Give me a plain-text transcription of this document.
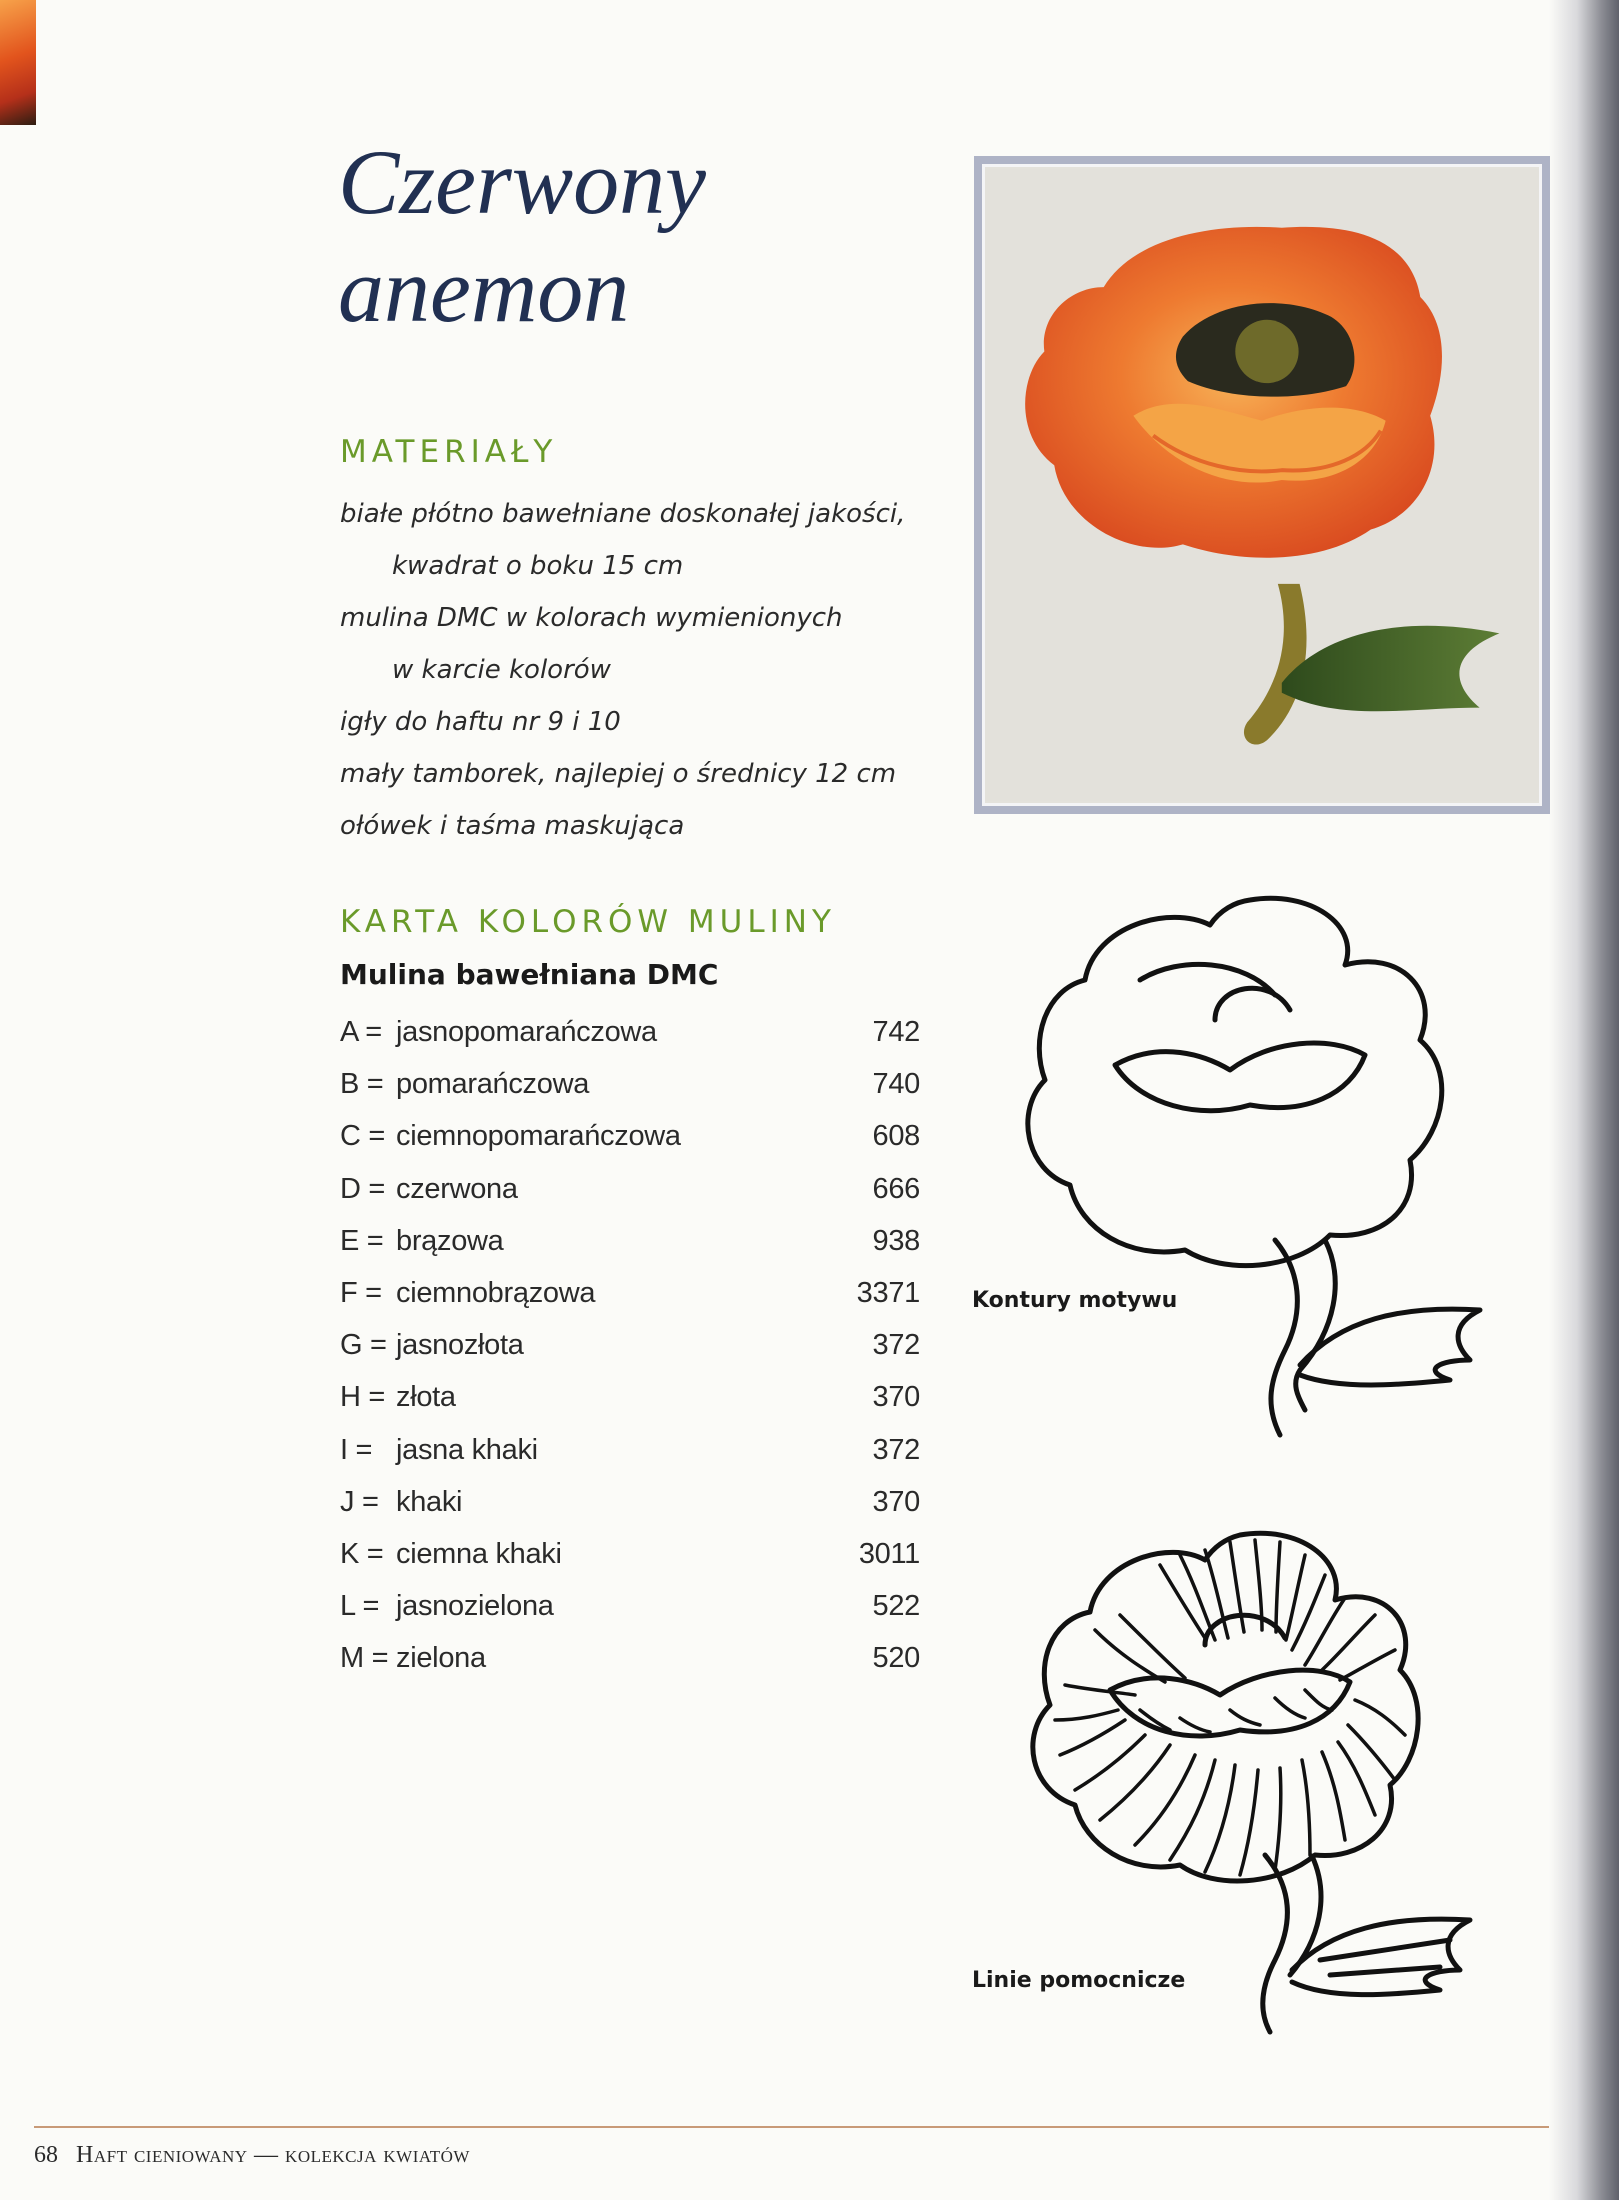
Czerwony
anemon
MATERIAŁY
białe płótno bawełniane doskonałej jakości,
kwadrat o boku 15 cm
mulina DMC w kolorach wymienionych
w karcie kolorów
igły do haftu nr 9 i 10
mały tamborek, najlepiej o średnicy 12 cm
ołówek i taśma maskująca
KARTA KOLORÓW MULINY
Mulina bawełniana DMC
A = jasnopomarańczowa	742
B = pomarańczowa	740
C = ciemnopomarańczowa	608
D = czerwona	666
E = brązowa	938
F = ciemnobrązowa	3371
G = jasnozłota	372
H = złota	370
I = jasna khaki	372
J = khaki	370
K = ciemna khaki	3011
L = jasnozielona	522
M = zielona	520

Kontury motywu

Linie pomocnicze

68 Haft cieniowany — kolekcja kwiatów
